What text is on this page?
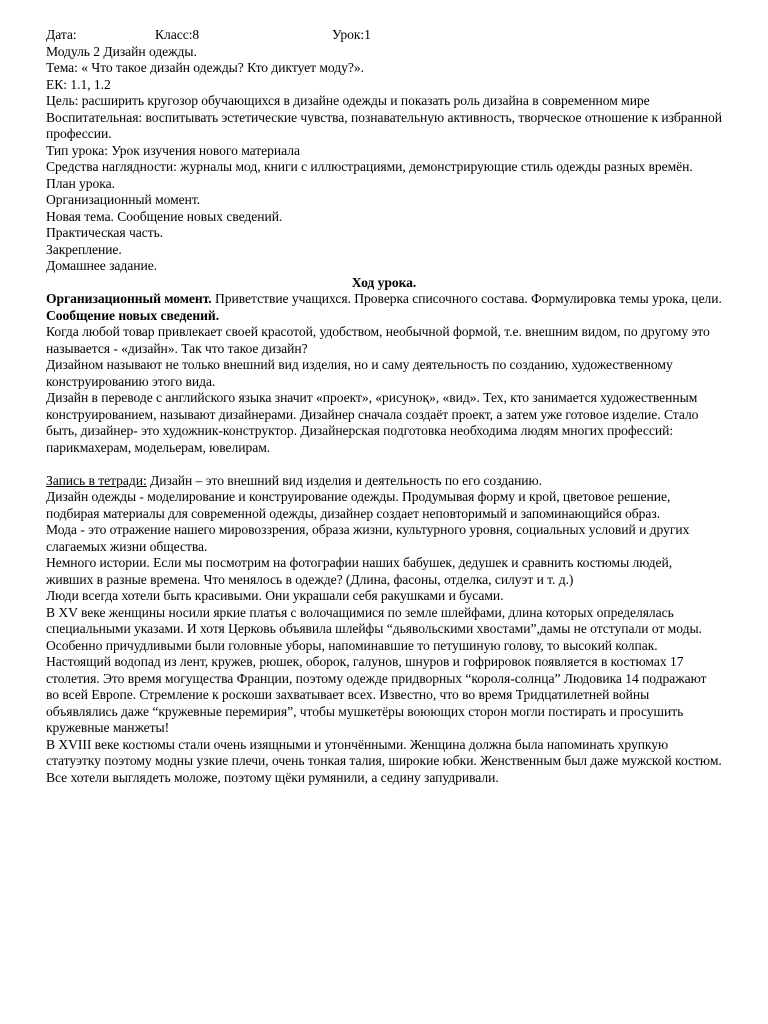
Дата:	Класс:8	Урок:1
Модуль 2 Дизайн одежды.
Тема: « Что такое дизайн одежды? Кто диктует моду?».
ЕК: 1.1, 1.2
Цель: расширить кругозор обучающихся в дизайне одежды и показать роль дизайна в современном мире
Воспитательная: воспитывать эстетические чувства, познавательную активность, творческое отношение к избранной профессии.
Тип урока: Урок изучения нового материала
Средства наглядности: журналы мод, книги с иллюстрациями, демонстрирующие стиль одежды разных времён.
План урока.
Организационный момент.
Новая тема. Сообщение новых сведений.
Практическая часть.
Закрепление.
Домашнее задание.
Ход урока.
Организационный момент. Приветствие учащихся. Проверка списочного состава. Формулировка темы урока, цели.
Сообщение новых сведений.
Когда любой товар привлекает своей красотой, удобством, необычной формой, т.е. внешним видом, по другому это называется - «дизайн». Так что такое дизайн?
Дизайном называют не только внешний вид изделия, но и саму деятельность по созданию, художественному конструированию этого вида.
Дизайн в переводе с английского языка значит «проект», «рисуноқ», «вид». Тех, кто занимается художественным конструированием, называют дизайнерами. Дизайнер сначала создаёт проект, а затем уже готовое изделие. Стало быть, дизайнер- это художник-конструктор. Дизайнерская подготовка необходима людям многих профессий: парикмахерам, модельерам, ювелирам.
Запись в тетради: Дизайн – это внешний вид изделия и деятельность по его созданию.
Дизайн одежды - моделирование и конструирование одежды. Продумывая форму и крой, цветовое решение, подбирая материалы для современной одежды, дизайнер создает неповторимый и запоминающийся образ.
Мода - это отражение нашего мировоззрения, образа жизни, культурного уровня, социальных условий и других слагаемых жизни общества.
Немного истории. Если мы посмотрим на фотографии наших бабушек, дедушек и сравнить костюмы людей, живших в разные времена. Что менялось в одежде? (Длина, фасоны, отделка, силуэт и т. д.)
Люди всегда хотели быть красивыми. Они украшали себя ракушками и бусами.
В XV веке женщины носили яркие платья с волочащимися по земле шлейфами, длина которых определялась специальными указами. И хотя Церковь объявила шлейфы “дьявольскими хвостами”,дамы не отступали от моды.
Особенно причудливыми были головные уборы, напоминавшие то петушиную голову, то высокий колпак.
Настоящий водопад из лент, кружев, рюшек, оборок, галунов, шнуров и гофрировок появляется в костюмах 17 столетия. Это время могущества Франции, поэтому одежде придворных “короля-солнца” Людовика 14 подражают во всей Европе. Стремление к роскоши захватывает всех. Известно, что во время Тридцатилетней войны объявлялись даже “кружевные перемирия”, чтобы мушкетёры воюющих сторон могли постирать и просушить кружевные манжеты!
В XVIII веке костюмы стали очень изящными и утончёнными. Женщина должна была напоминать хрупкую статуэтку поэтому модны узкие плечи, очень тонкая талия, широкие юбки. Женственным был даже мужской костюм. Все хотели выглядеть моложе, поэтому щёки румянили, а седину запудривали.
